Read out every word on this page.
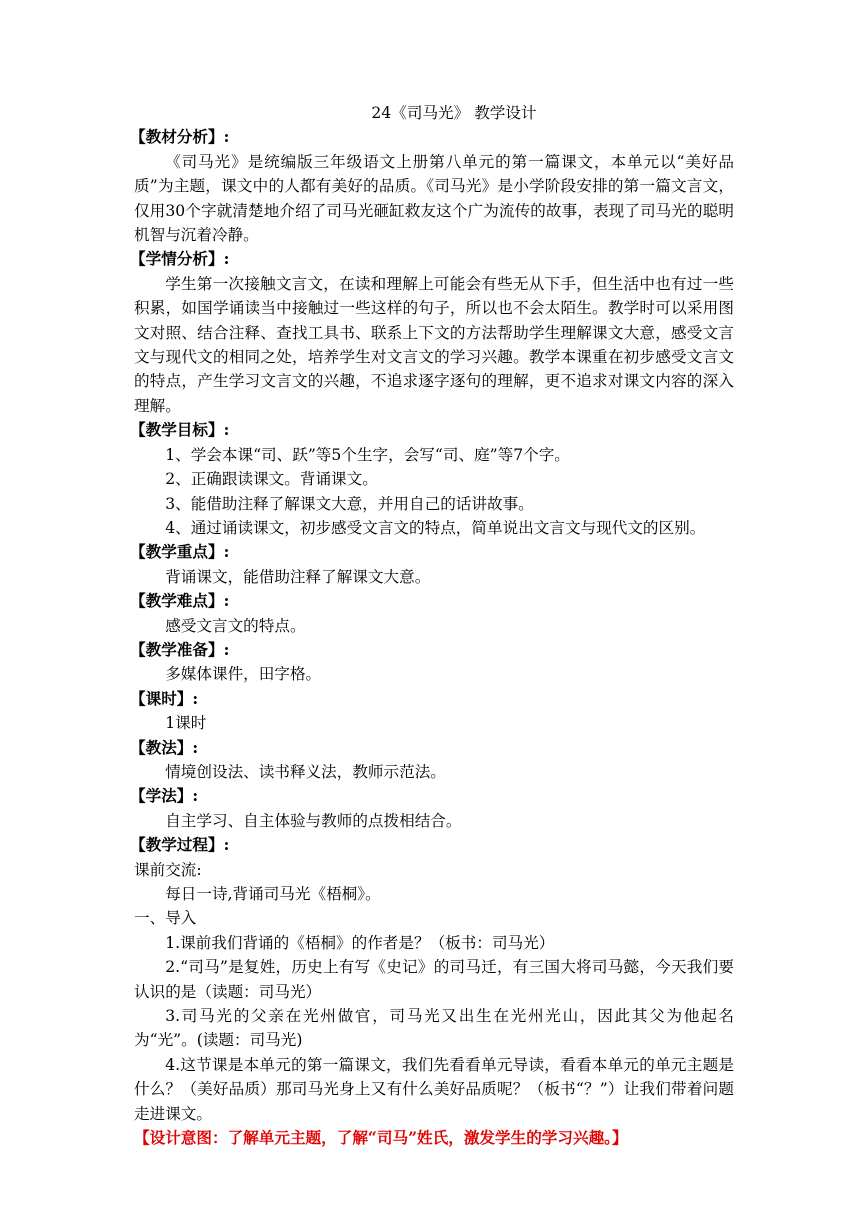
24《司马光》 教学设计

【教材分析】:

《司马光》是统编版三年级语文上册第八单元的第一篇课文，本单元以“美好品质”为主题，课文中的人都有美好的品质。《司马光》是小学阶段安排的第一篇文言文，仅用30个字就清楚地介绍了司马光砸缸救友这个广为流传的故事，表现了司马光的聪明机智与沉着冷静。

【学情分析】:

学生第一次接触文言文，在读和理解上可能会有些无从下手，但生活中也有过一些积累，如国学诵读当中接触过一些这样的句子，所以也不会太陌生。教学时可以采用图文对照、结合注释、查找工具书、联系上下文的方法帮助学生理解课文大意，感受文言文与现代文的相同之处，培养学生对文言文的学习兴趣。教学本课重在初步感受文言文的特点，产生学习文言文的兴趣，不追求逐字逐句的理解，更不追求对课文内容的深入理解。

【教学目标】:

1、学会本课“司、跃”等5个生字，会写“司、庭”等7个字。

2、正确跟读课文。背诵课文。

3、能借助注释了解课文大意，并用自己的话讲故事。

4、通过诵读课文，初步感受文言文的特点，简单说出文言文与现代文的区别。

【教学重点】:

背诵课文，能借助注释了解课文大意。

【教学难点】:

感受文言文的特点。

【教学准备】:

多媒体课件，田字格。

【课时】:

1课时

【教法】:

情境创设法、读书释义法，教师示范法。

【学法】:

自主学习、自主体验与教师的点拨相结合。

【教学过程】:

课前交流:

每日一诗,背诵司马光《梧桐》。

一、导入

1.课前我们背诵的《梧桐》的作者是？（板书：司马光）

2.“司马”是复姓，历史上有写《史记》的司马迁，有三国大将司马懿，今天我们要认识的是（读题：司马光）

3.司马光的父亲在光州做官，司马光又出生在光州光山，因此其父为他起名为“光”。(读题：司马光)

4.这节课是本单元的第一篇课文，我们先看看单元导读，看看本单元的单元主题是什么？（美好品质）那司马光身上又有什么美好品质呢？（板书“？”）让我们带着问题走进课文。

【设计意图：了解单元主题，了解“司马”姓氏，激发学生的学习兴趣。】
